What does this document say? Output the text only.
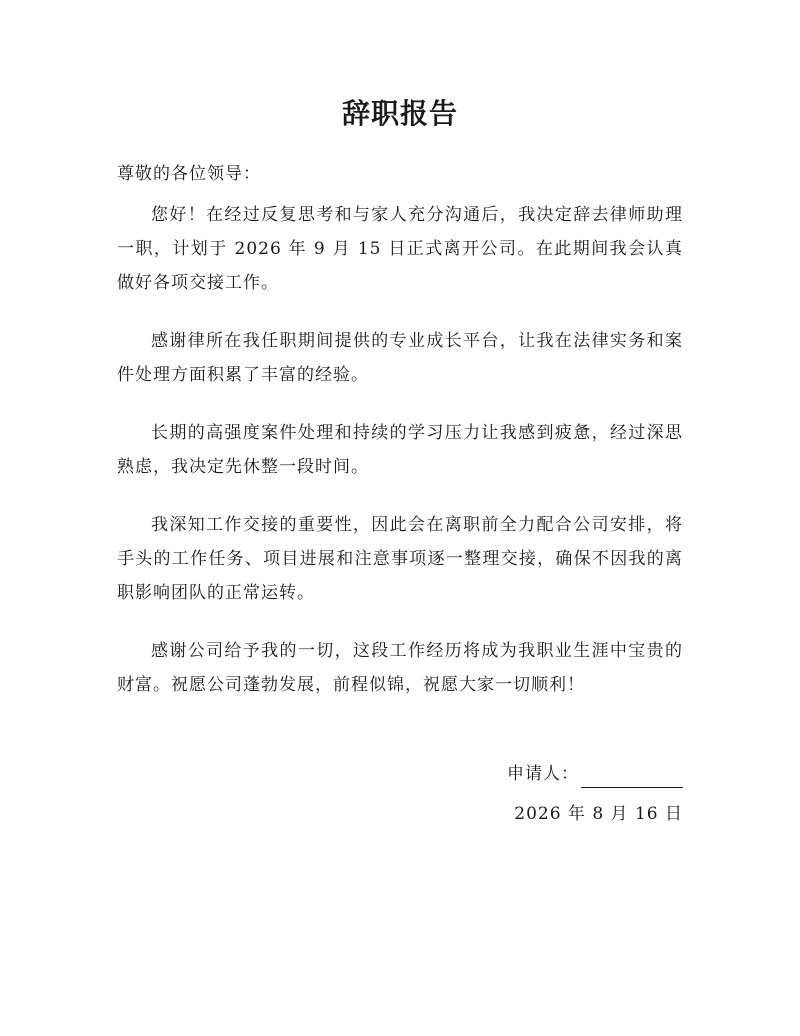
辞职报告
尊敬的各位领导：

您好！在经过反复思考和与家人充分沟通后，我决定辞去律师助理一职，计划于 2026 年 9 月 15 日正式离开公司。在此期间我会认真做好各项交接工作。

感谢律所在我任职期间提供的专业成长平台，让我在法律实务和案件处理方面积累了丰富的经验。

长期的高强度案件处理和持续的学习压力让我感到疲惫，经过深思熟虑，我决定先休整一段时间。

我深知工作交接的重要性，因此会在离职前全力配合公司安排，将手头的工作任务、项目进展和注意事项逐一整理交接，确保不因我的离职影响团队的正常运转。

感谢公司给予我的一切，这段工作经历将成为我职业生涯中宝贵的财富。祝愿公司蓬勃发展，前程似锦，祝愿大家一切顺利！

申请人：
2026 年 8 月 16 日
